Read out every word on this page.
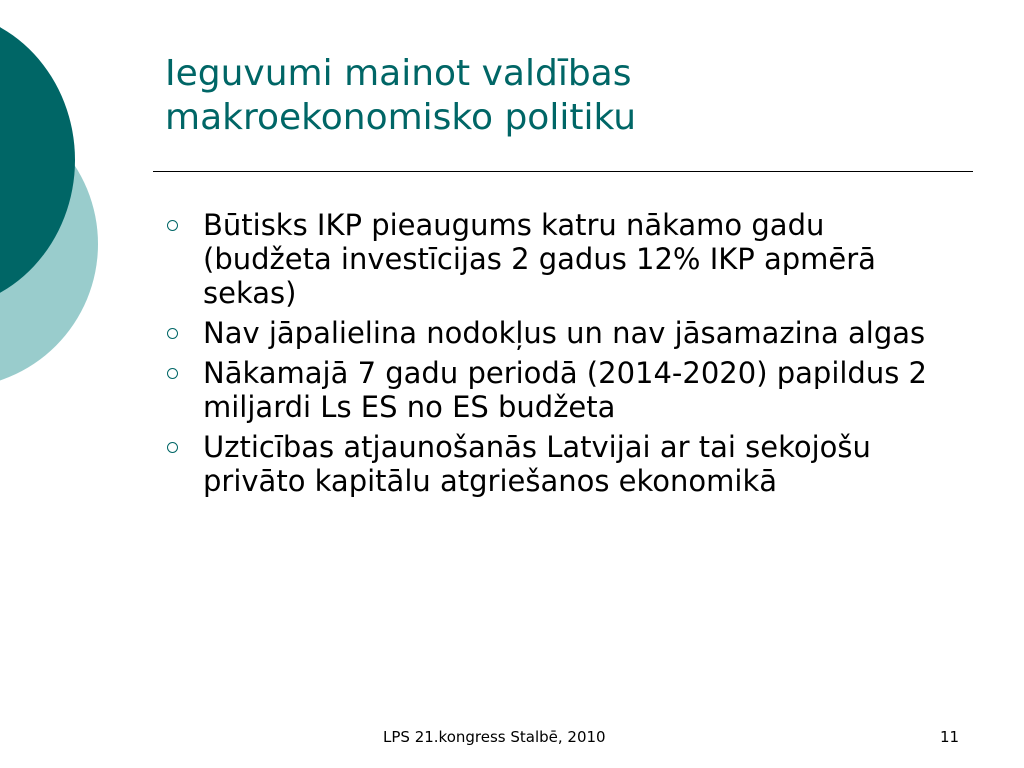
Ieguvumi mainot valdības
makroekonomisko politiku
Būtisks IKP pieaugums katru nākamo gadu (budžeta investīcijas 2 gadus 12% IKP apmērā sekas)
Nav jāpalielina nodokļus un nav jāsamazina algas
Nākamajā 7 gadu periodā (2014-2020) papildus 2 miljardi Ls ES no ES budžeta
Uzticības atjaunošanās Latvijai ar tai sekojošu privāto kapitālu atgriešanos ekonomikā
LPS 21.kongress Stalbē, 2010	11
